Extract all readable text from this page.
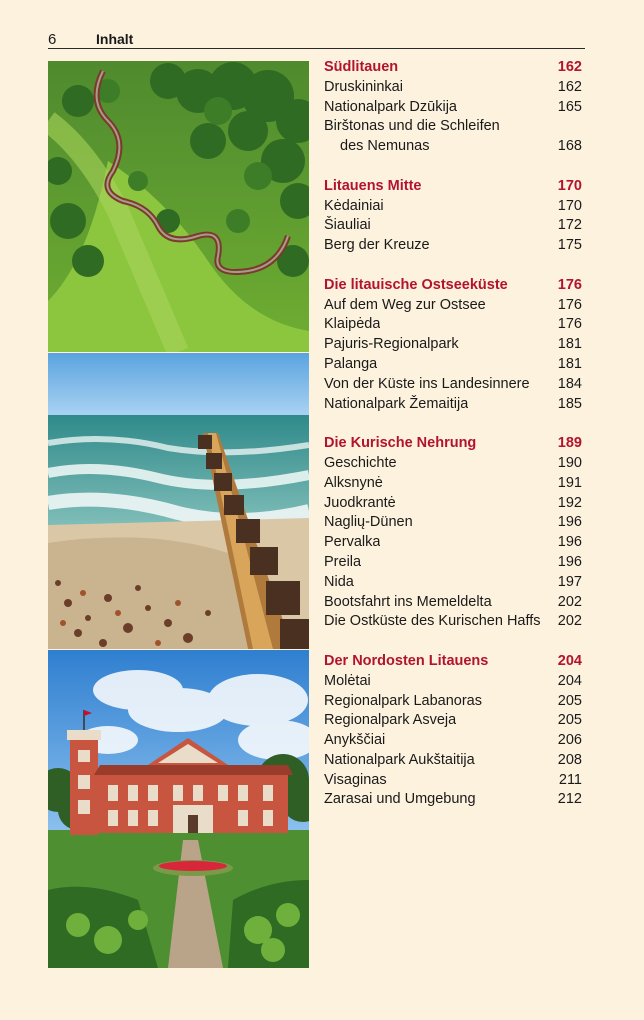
6	Inhalt
Südlitauen	162
Druskininkai	162
Nationalpark Dzūkija	165
Birštonas und die Schleifen
des Nemunas	168
Litauens Mitte	170
Kėdainiai	170
Šiauliai	172
Berg der Kreuze	175
Die litauische Ostseeküste	176
Auf dem Weg zur Ostsee	176
Klaipėda	176
Pajuris-Regionalpark	181
Palanga	181
Von der Küste ins Landesinnere	184
Nationalpark Žemaitija	185
Die Kurische Nehrung	189
Geschichte	190
Alksnynė	191
Juodkrantė	192
Naglių-Dünen	196
Pervalka	196
Preila	196
Nida	197
Bootsfahrt ins Memeldelta	202
Die Ostküste des Kurischen Haffs	202
Der Nordosten Litauens	204
Molėtai	204
Regionalpark Labanoras	205
Regionalpark Asveja	205
Anykščiai	206
Nationalpark Aukštaitija	208
Visaginas	211
Zarasai und Umgebung	212
